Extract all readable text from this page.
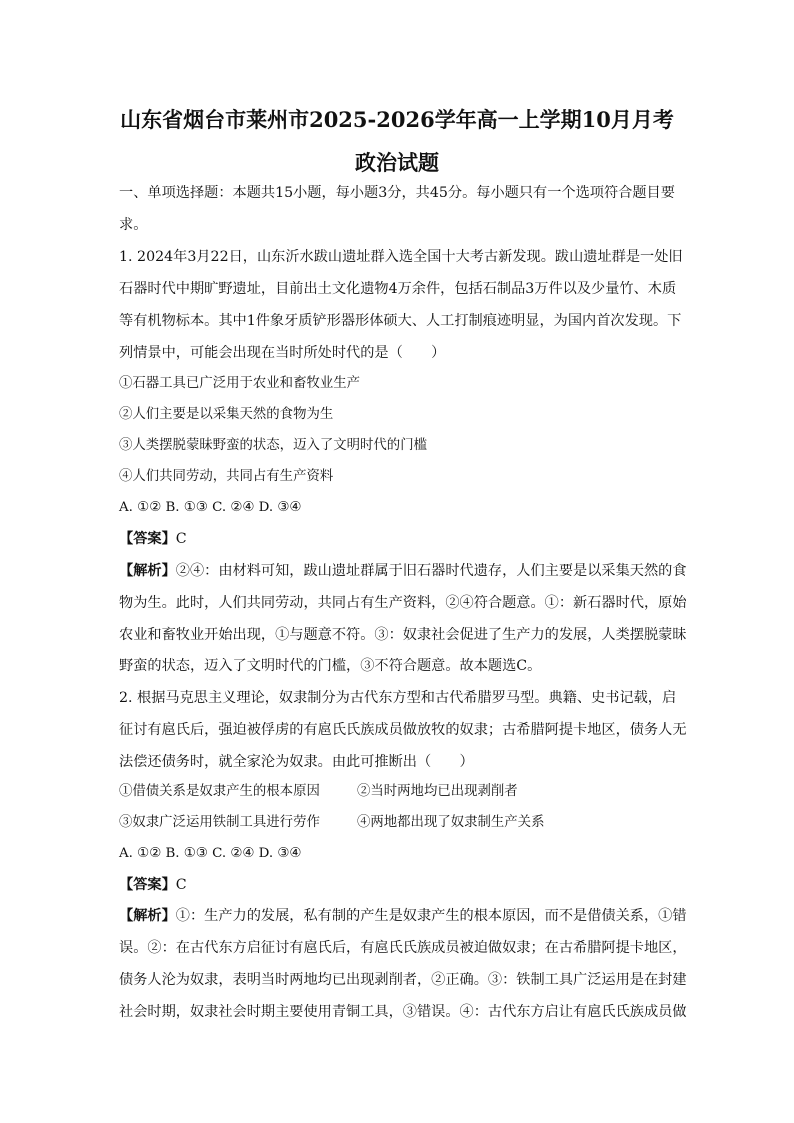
山东省烟台市莱州市2025-2026学年高一上学期10月月考
政治试题
一、单项选择题：本题共15小题，每小题3分，共45分。每小题只有一个选项符合题目要
求。
1. 2024年3月22日，山东沂水跋山遗址群入选全国十大考古新发现。跋山遗址群是一处旧
石器时代中期旷野遗址，目前出土文化遗物4万余件，包括石制品3万件以及少量竹、木质
等有机物标本。其中1件象牙质铲形器形体硕大、人工打制痕迹明显，为国内首次发现。下
列情景中，可能会出现在当时所处时代的是（　　）
①石器工具已广泛用于农业和畜牧业生产
②人们主要是以采集天然的食物为生
③人类摆脱蒙昧野蛮的状态，迈入了文明时代的门槛
④人们共同劳动，共同占有生产资料
A. ①② B. ①③ C. ②④ D. ③④
【答案】C
【解析】②④：由材料可知，跋山遗址群属于旧石器时代遗存，人们主要是以采集天然的食
物为生。此时，人们共同劳动，共同占有生产资料，②④符合题意。①：新石器时代，原始
农业和畜牧业开始出现，①与题意不符。③：奴隶社会促进了生产力的发展，人类摆脱蒙昧
野蛮的状态，迈入了文明时代的门槛，③不符合题意。故本题选C。
2. 根据马克思主义理论，奴隶制分为古代东方型和古代希腊罗马型。典籍、史书记载，启
征讨有扈氏后，强迫被俘虏的有扈氏氏族成员做放牧的奴隶；古希腊阿提卡地区，债务人无
法偿还债务时，就全家沦为奴隶。由此可推断出（　　）
①借债关系是奴隶产生的根本原因	②当时两地均已出现剥削者
③奴隶广泛运用铁制工具进行劳作	④两地都出现了奴隶制生产关系
A. ①② B. ①③ C. ②④ D. ③④
【答案】C
【解析】①：生产力的发展，私有制的产生是奴隶产生的根本原因，而不是借债关系，①错
误。②：在古代东方启征讨有扈氏后，有扈氏氏族成员被迫做奴隶；在古希腊阿提卡地区，
债务人沦为奴隶，表明当时两地均已出现剥削者，②正确。③：铁制工具广泛运用是在封建
社会时期，奴隶社会时期主要使用青铜工具，③错误。④：古代东方启让有扈氏氏族成员做
